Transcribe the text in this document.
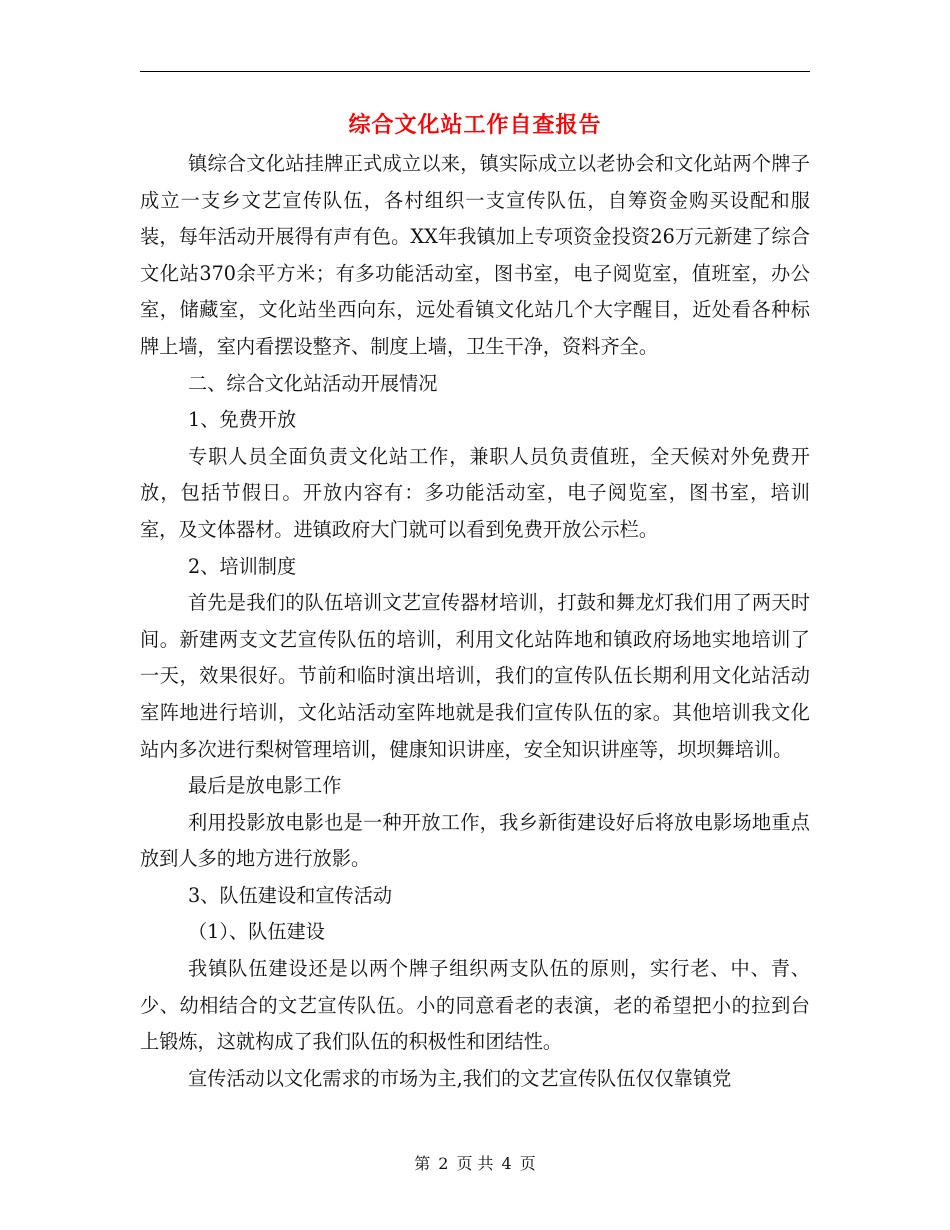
综合文化站工作自查报告

镇综合文化站挂牌正式成立以来，镇实际成立以老协会和文化站两个牌子成立一支乡文艺宣传队伍，各村组织一支宣传队伍，自筹资金购买设配和服装，每年活动开展得有声有色。XX年我镇加上专项资金投资26万元新建了综合文化站370余平方米；有多功能活动室，图书室，电子阅览室，值班室，办公室，储藏室，文化站坐西向东，远处看镇文化站几个大字醒目，近处看各种标牌上墙，室内看摆设整齐、制度上墙，卫生干净，资料齐全。

二、综合文化站活动开展情况

1、免费开放

专职人员全面负责文化站工作，兼职人员负责值班，全天候对外免费开放，包括节假日。开放内容有：多功能活动室，电子阅览室，图书室，培训室，及文体器材。进镇政府大门就可以看到免费开放公示栏。

2、培训制度

首先是我们的队伍培训文艺宣传器材培训，打鼓和舞龙灯我们用了两天时间。新建两支文艺宣传队伍的培训，利用文化站阵地和镇政府场地实地培训了一天，效果很好。节前和临时演出培训，我们的宣传队伍长期利用文化站活动室阵地进行培训，文化站活动室阵地就是我们宣传队伍的家。其他培训我文化站内多次进行梨树管理培训，健康知识讲座，安全知识讲座等，坝坝舞培训。

最后是放电影工作

利用投影放电影也是一种开放工作，我乡新街建设好后将放电影场地重点放到人多的地方进行放影。

3、队伍建设和宣传活动

（1）、队伍建设

我镇队伍建设还是以两个牌子组织两支队伍的原则，实行老、中、青、少、幼相结合的文艺宣传队伍。小的同意看老的表演，老的希望把小的拉到台上锻炼，这就构成了我们队伍的积极性和团结性。

宣传活动以文化需求的市场为主,我们的文艺宣传队伍仅仅靠镇党

第 2 页 共 4 页
